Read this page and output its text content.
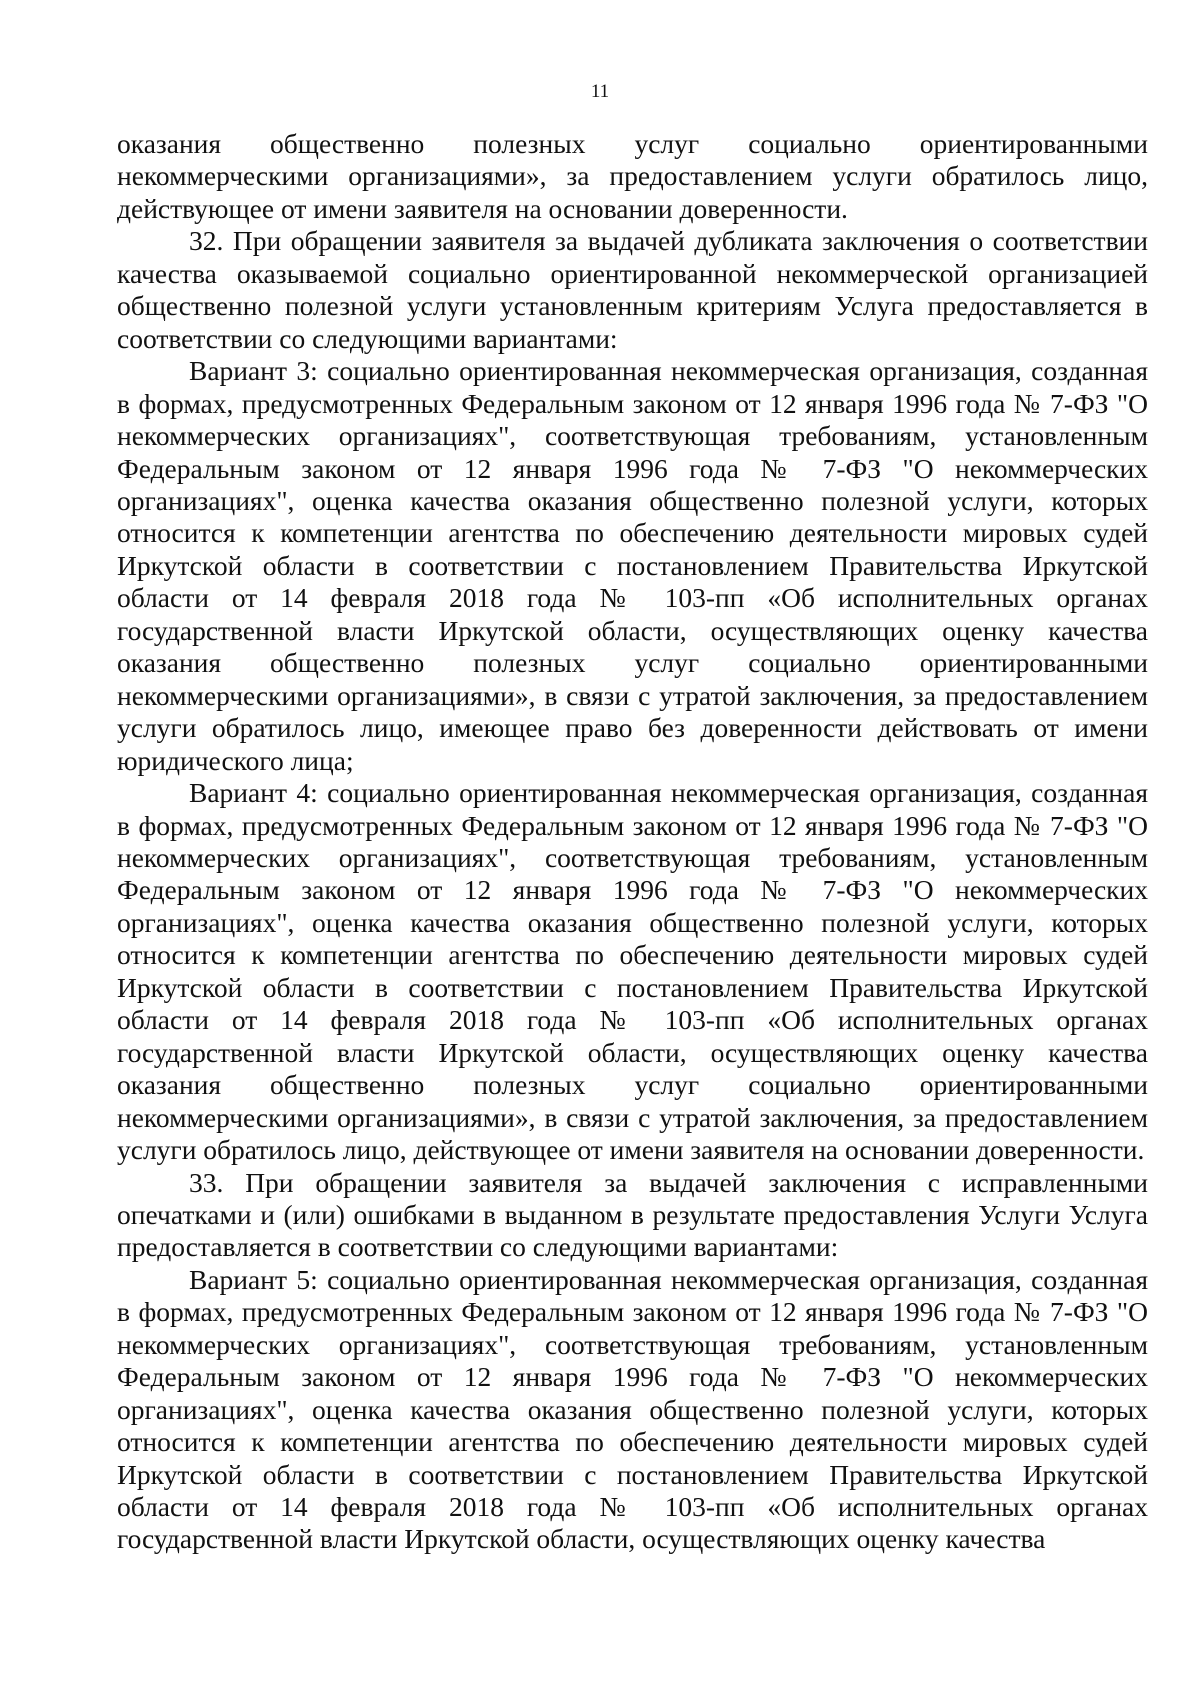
11

оказания общественно полезных услуг социально ориентированными некоммерческими организациями», за предоставлением услуги обратилось лицо, действующее от имени заявителя на основании доверенности.

32. При обращении заявителя за выдачей дубликата заключения о соответствии качества оказываемой социально ориентированной некоммерческой организацией общественно полезной услуги установленным критериям Услуга предоставляется в соответствии со следующими вариантами:

Вариант 3: социально ориентированная некоммерческая организация, созданная в формах, предусмотренных Федеральным законом от 12 января 1996 года № 7-ФЗ "О некоммерческих организациях", соответствующая требованиям, установленным Федеральным законом от 12 января 1996 года № 7-ФЗ "О некоммерческих организациях", оценка качества оказания общественно полезной услуги, которых относится к компетенции агентства по обеспечению деятельности мировых судей Иркутской области в соответствии с постановлением Правительства Иркутской области от 14 февраля 2018 года № 103-пп «Об исполнительных органах государственной власти Иркутской области, осуществляющих оценку качества оказания общественно полезных услуг социально ориентированными некоммерческими организациями», в связи с утратой заключения, за предоставлением услуги обратилось лицо, имеющее право без доверенности действовать от имени юридического лица;

Вариант 4: социально ориентированная некоммерческая организация, созданная в формах, предусмотренных Федеральным законом от 12 января 1996 года № 7-ФЗ "О некоммерческих организациях", соответствующая требованиям, установленным Федеральным законом от 12 января 1996 года № 7-ФЗ "О некоммерческих организациях", оценка качества оказания общественно полезной услуги, которых относится к компетенции агентства по обеспечению деятельности мировых судей Иркутской области в соответствии с постановлением Правительства Иркутской области от 14 февраля 2018 года № 103-пп «Об исполнительных органах государственной власти Иркутской области, осуществляющих оценку качества оказания общественно полезных услуг социально ориентированными некоммерческими организациями», в связи с утратой заключения, за предоставлением услуги обратилось лицо, действующее от имени заявителя на основании доверенности.

33. При обращении заявителя за выдачей заключения с исправленными опечатками и (или) ошибками в выданном в результате предоставления Услуги Услуга предоставляется в соответствии со следующими вариантами:

Вариант 5: социально ориентированная некоммерческая организация, созданная в формах, предусмотренных Федеральным законом от 12 января 1996 года № 7-ФЗ "О некоммерческих организациях", соответствующая требованиям, установленным Федеральным законом от 12 января 1996 года № 7-ФЗ "О некоммерческих организациях", оценка качества оказания общественно полезной услуги, которых относится к компетенции агентства по обеспечению деятельности мировых судей Иркутской области в соответствии с постановлением Правительства Иркутской области от 14 февраля 2018 года № 103-пп «Об исполнительных органах государственной власти Иркутской области, осуществляющих оценку качества
